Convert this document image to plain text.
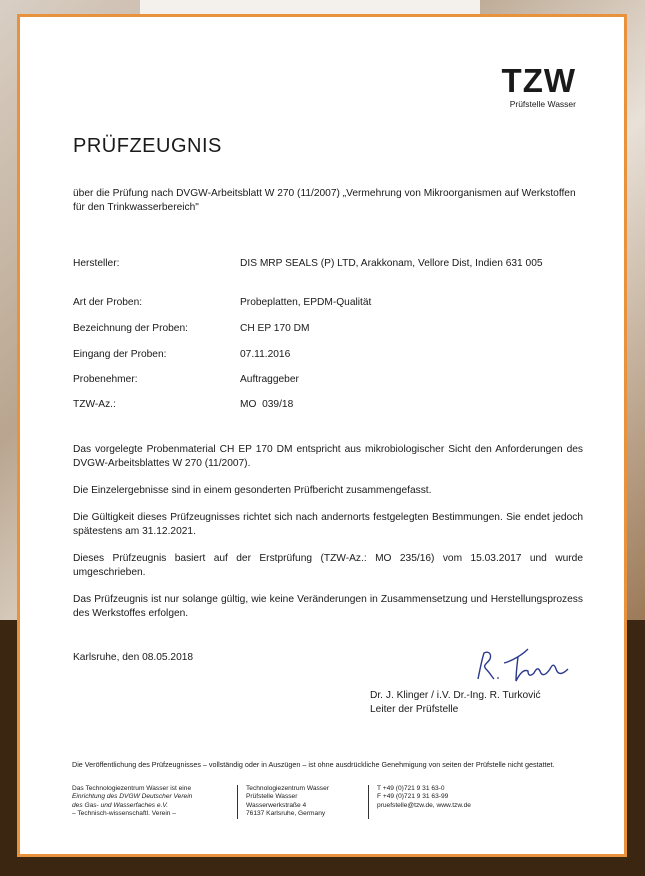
TZW
Prüfstelle Wasser
PRÜFZEUGNIS
über die Prüfung nach DVGW-Arbeitsblatt W 270 (11/2007) „Vermehrung von Mikroorganismen auf Werkstoffen für den Trinkwasserbereich"
Hersteller:	DIS MRP SEALS (P) LTD, Arakkonam, Vellore Dist, Indien 631 005
Art der Proben:	Probeplatten, EPDM-Qualität
Bezeichnung der Proben:	CH EP 170 DM
Eingang der Proben:	07.11.2016
Probenehmer:	Auftraggeber
TZW-Az.:	MO  039/18
Das vorgelegte Probenmaterial CH EP 170 DM entspricht aus mikrobiologischer Sicht den Anforderungen des DVGW-Arbeitsblattes W 270 (11/2007).
Die Einzelergebnisse sind in einem gesonderten Prüfbericht zusammengefasst.
Die Gültigkeit dieses Prüfzeugnisses richtet sich nach andernorts festgelegten Bestimmungen. Sie endet jedoch spätestens am 31.12.2021.
Dieses Prüfzeugnis basiert auf der Erstprüfung (TZW-Az.: MO 235/16) vom 15.03.2017 und wurde umgeschrieben.
Das Prüfzeugnis ist nur solange gültig, wie keine Veränderungen in Zusammensetzung und Herstellungsprozess des Werkstoffes erfolgen.
Karlsruhe, den 08.05.2018
Dr. J. Klinger / i.V. Dr.-Ing. R. Turković
Leiter der Prüfstelle
Die Veröffentlichung des Prüfzeugnisses – vollständig oder in Auszügen – ist ohne ausdrückliche Genehmigung von seiten der Prüfstelle nicht gestattet.
Das Technologiezentrum Wasser ist eine
Einrichtung des DVGW Deutscher Verein
des Gas- und Wasserfaches e.V.
– Technisch-wissenschaftl. Verein –
Technologiezentrum Wasser
Prüfstelle Wasser
Wasserwerkstraße 4
76137 Karlsruhe, Germany
T +49 (0)721 9 31 63-0
F +49 (0)721 9 31 63-99
pruefstelle@tzw.de, www.tzw.de
